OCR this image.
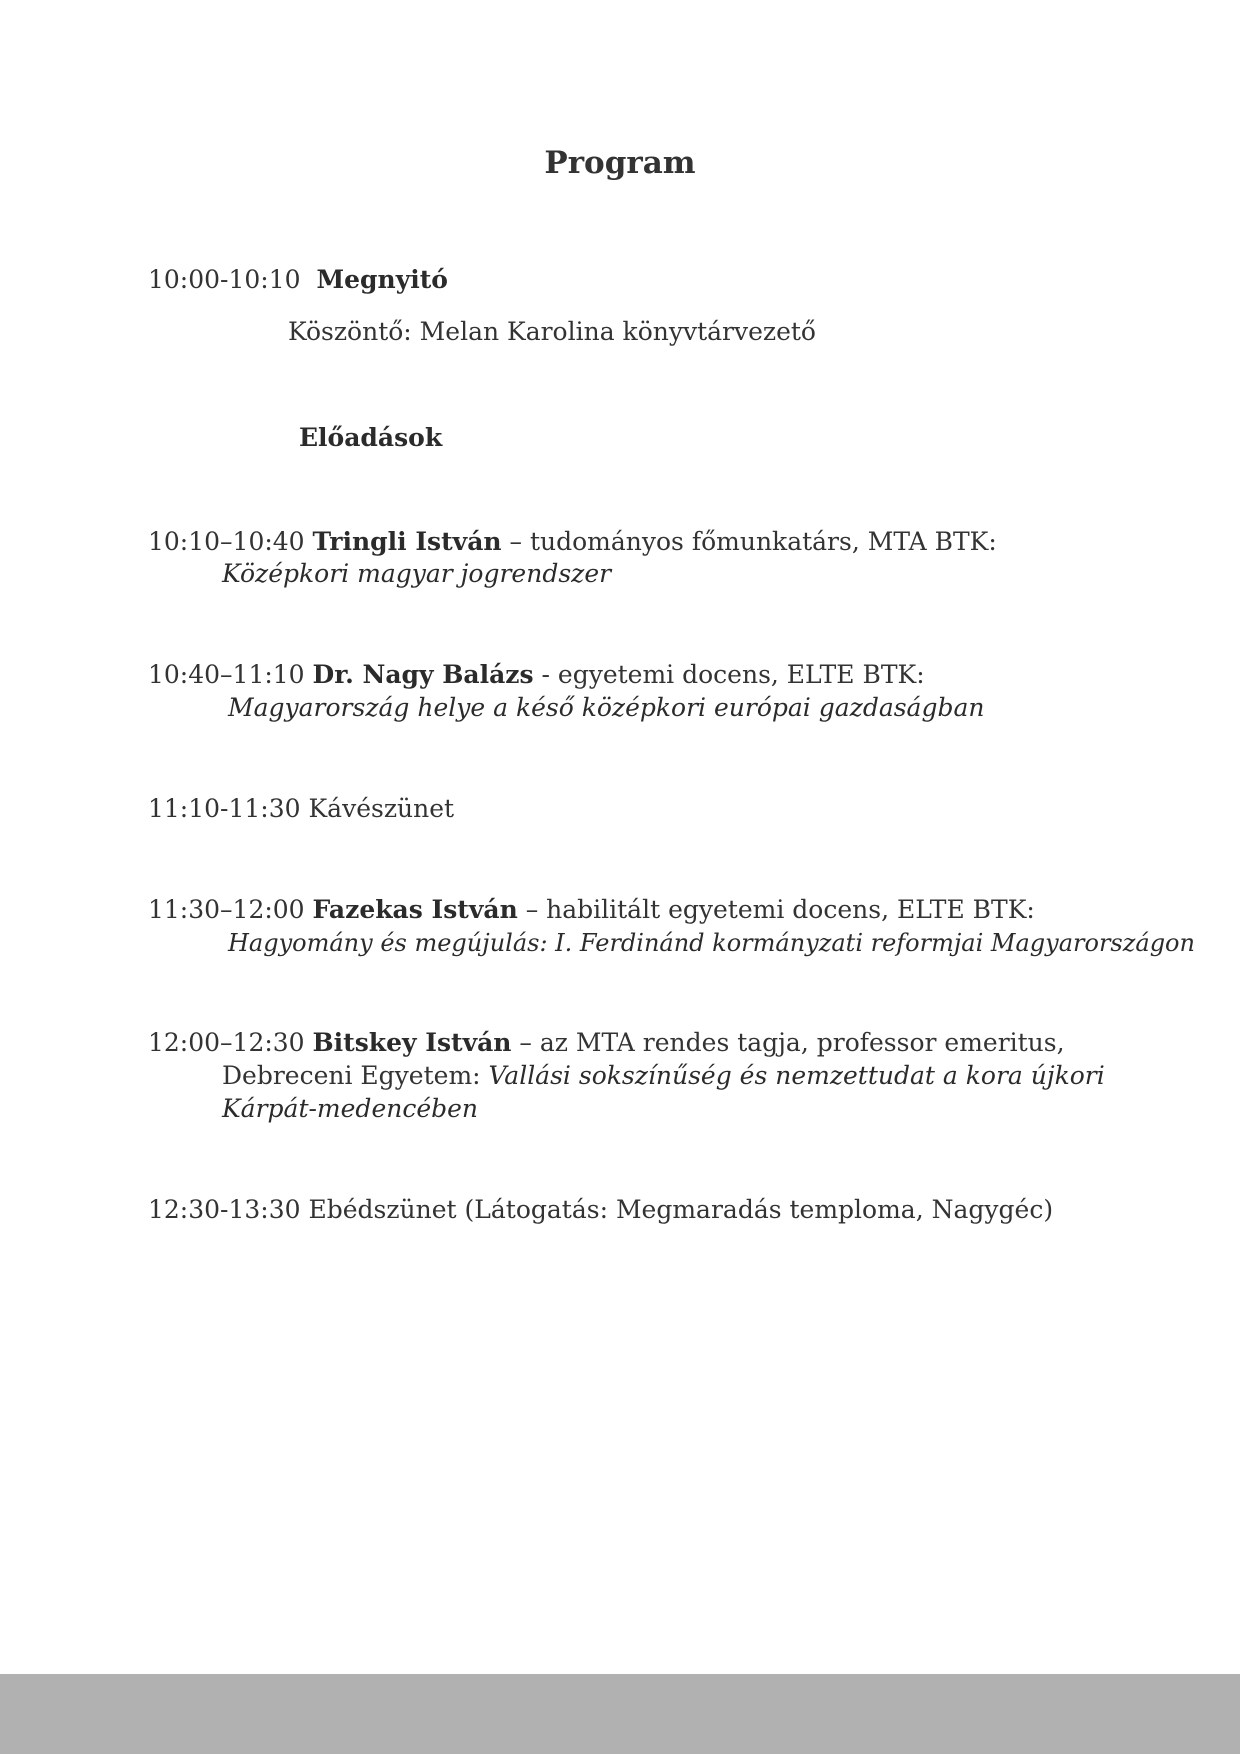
Program
10:00-10:10 Megnyitó
Köszöntő: Melan Karolina könyvtárvezető
Előadások
10:10–10:40 Tringli István – tudományos főmunkatárs, MTA BTK:
Középkori magyar jogrendszer
10:40–11:10 Dr. Nagy Balázs - egyetemi docens, ELTE BTK:
Magyarország helye a késő középkori európai gazdaságban
11:10-11:30 Kávészünet
11:30–12:00 Fazekas István – habilitált egyetemi docens, ELTE BTK:
Hagyomány és megújulás: I. Ferdinánd kormányzati reformjai Magyarországon
12:00–12:30 Bitskey István – az MTA rendes tagja, professor emeritus,
Debreceni Egyetem: Vallási sokszínűség és nemzettudat a kora újkori
Kárpát-medencében
12:30-13:30 Ebédszünet (Látogatás: Megmaradás temploma, Nagygéc)
